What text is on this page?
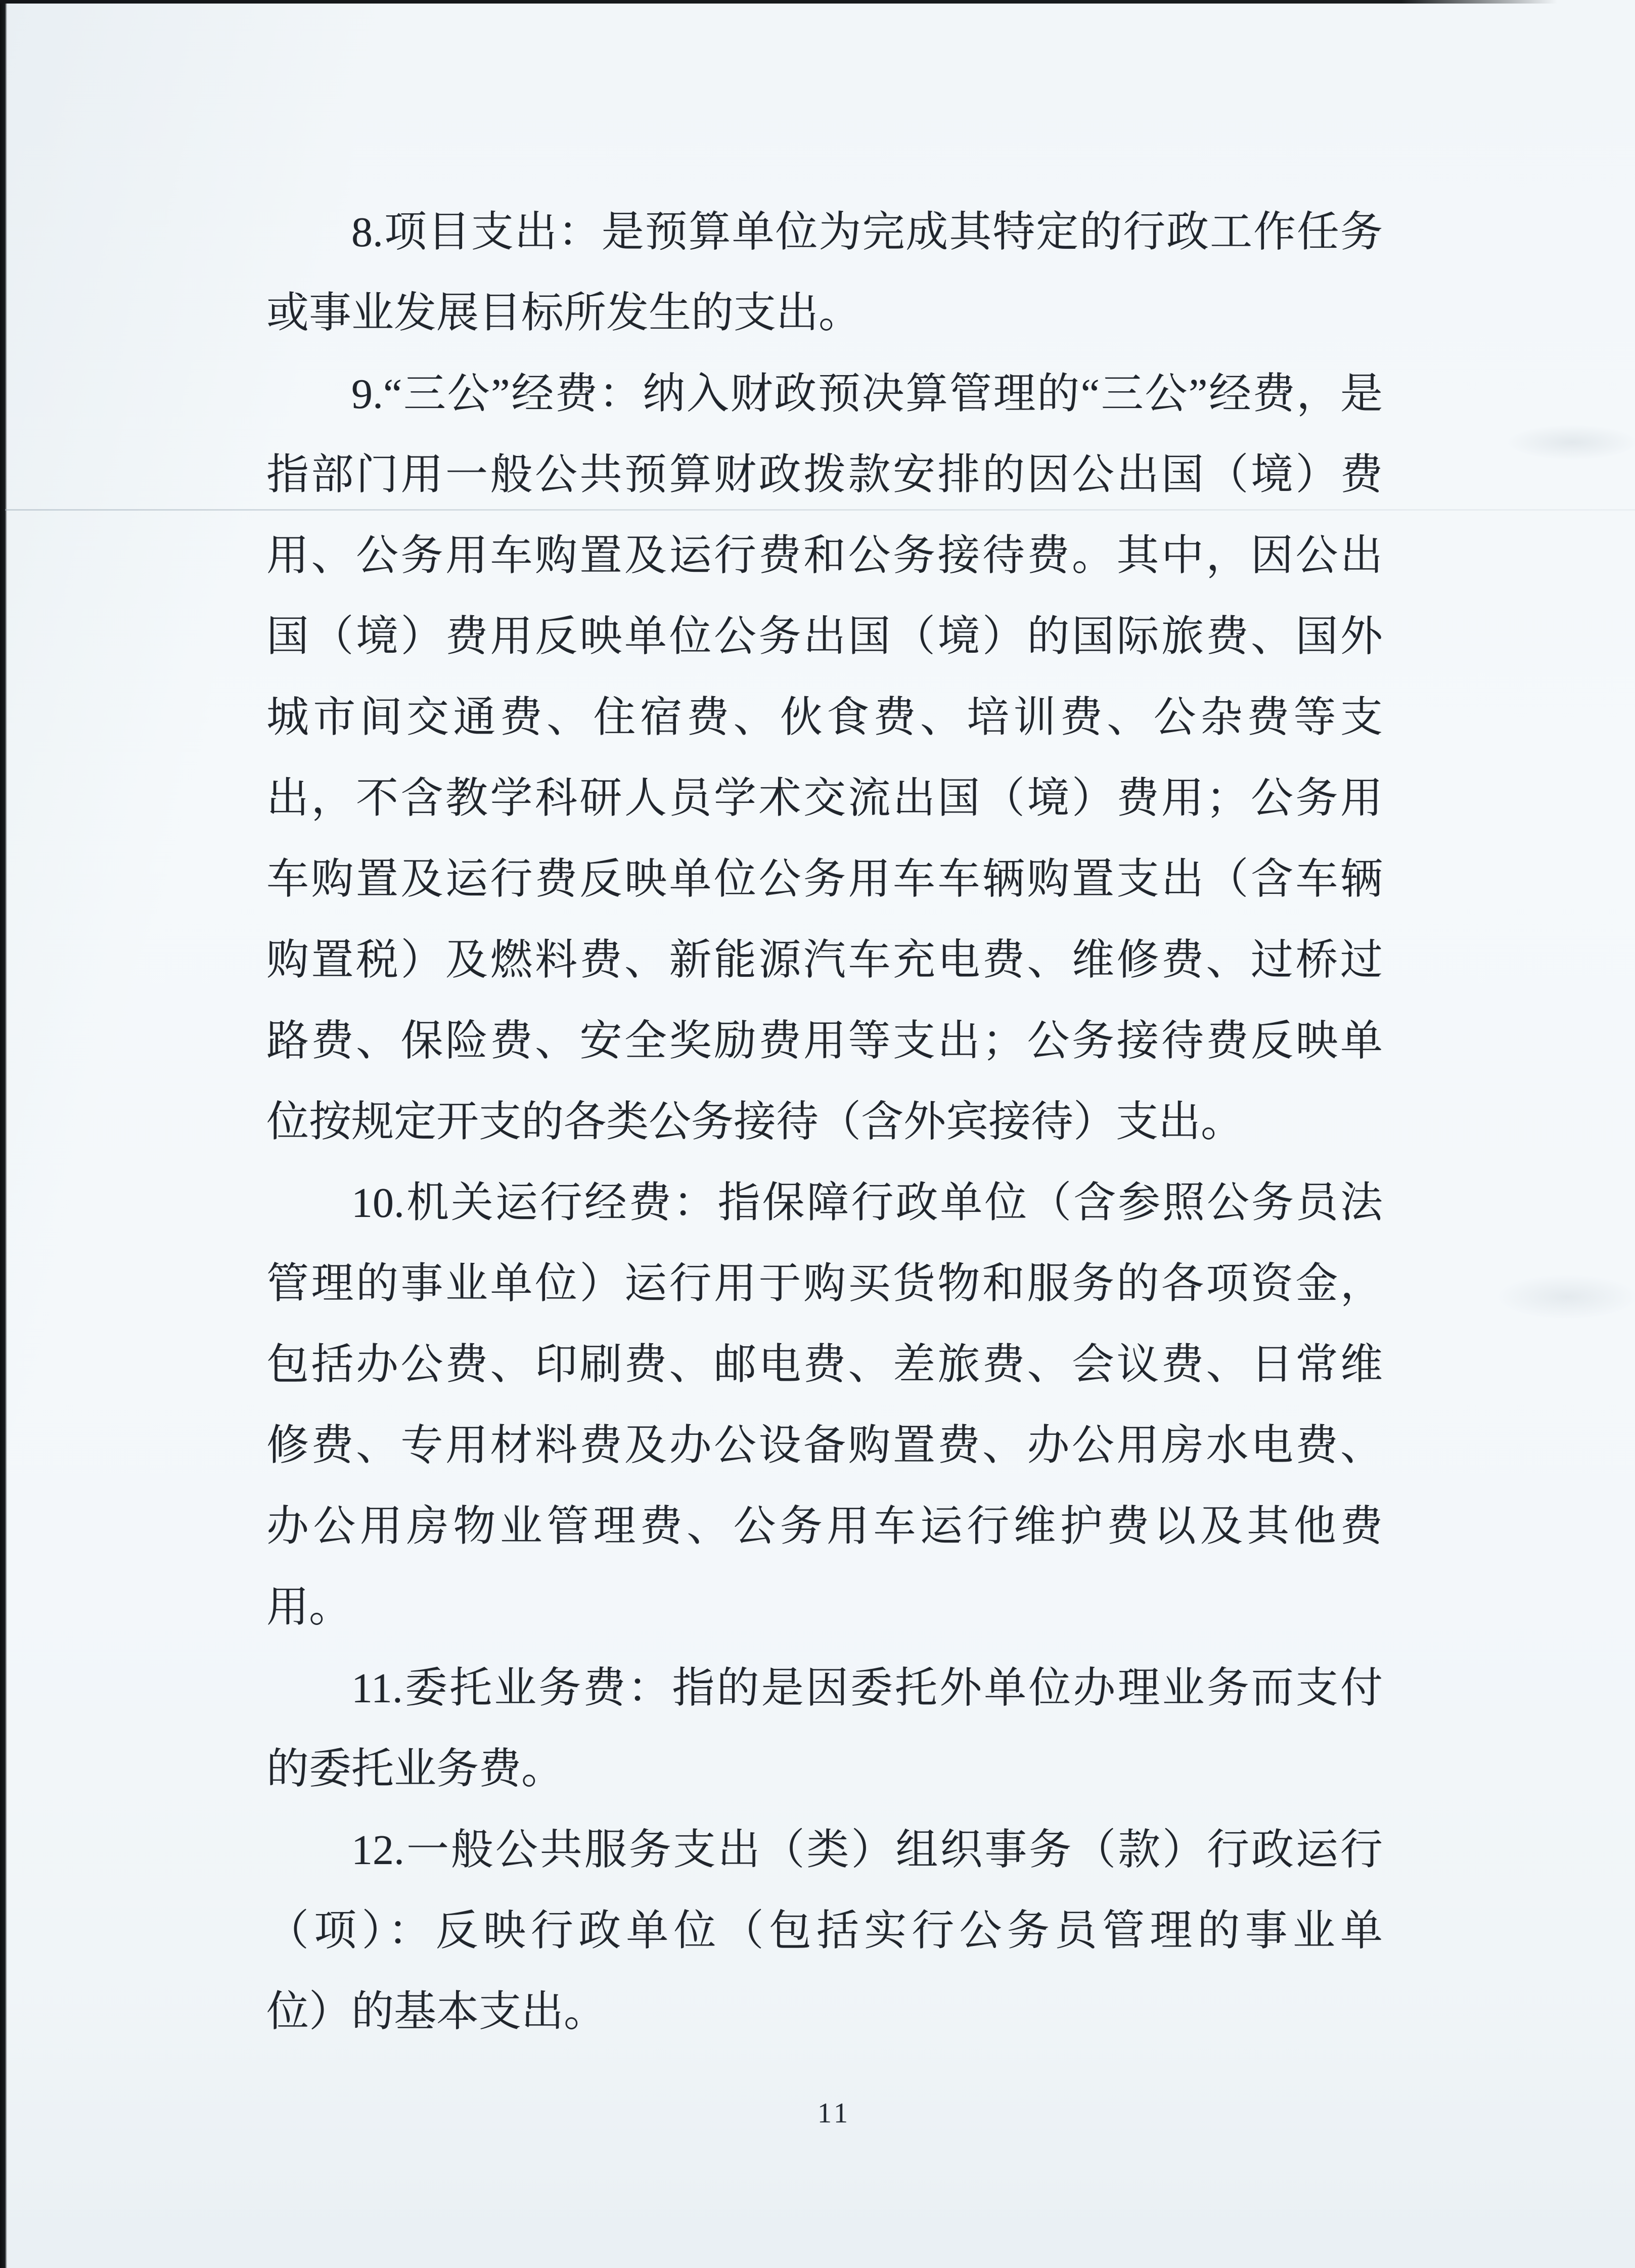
8.项目支出：是预算单位为完成其特定的行政工作任务
或事业发展目标所发生的支出。
9.“三公”经费：纳入财政预决算管理的“三公”经费，是
指部门用一般公共预算财政拨款安排的因公出国（境）费
用、公务用车购置及运行费和公务接待费。其中，因公出
国（境）费用反映单位公务出国（境）的国际旅费、国外
城市间交通费、住宿费、伙食费、培训费、公杂费等支
出，不含教学科研人员学术交流出国（境）费用；公务用
车购置及运行费反映单位公务用车车辆购置支出（含车辆
购置税）及燃料费、新能源汽车充电费、维修费、过桥过
路费、保险费、安全奖励费用等支出；公务接待费反映单
位按规定开支的各类公务接待（含外宾接待）支出。
10.机关运行经费：指保障行政单位（含参照公务员法
管理的事业单位）运行用于购买货物和服务的各项资金，
包括办公费、印刷费、邮电费、差旅费、会议费、日常维
修费、专用材料费及办公设备购置费、办公用房水电费、
办公用房物业管理费、公务用车运行维护费以及其他费
用。
11.委托业务费：指的是因委托外单位办理业务而支付
的委托业务费。
12.一般公共服务支出（类）组织事务（款）行政运行
（项）：反映行政单位（包括实行公务员管理的事业单
位）的基本支出。
11
